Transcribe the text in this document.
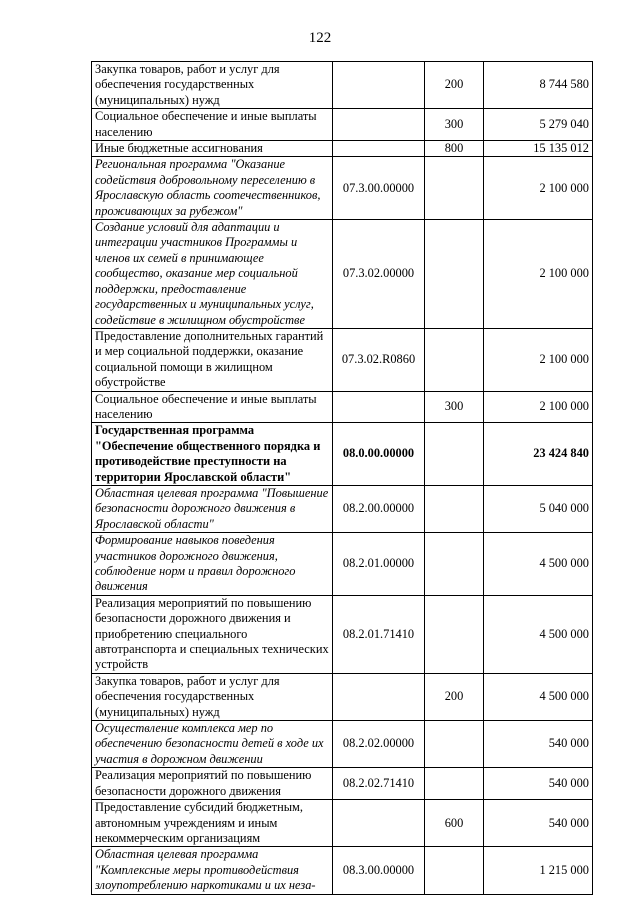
122
Закупка товаров, работ и услуг для обеспечения государственных (муниципальных) нужд		200	8 744 580
Социальное обеспечение и иные выплаты населению		300	5 279 040
Иные бюджетные ассигнования		800	15 135 012
Региональная программа "Оказание содействия добровольному переселению в Ярославскую область соотечественников, проживающих за рубежом"	07.3.00.00000		2 100 000
Создание условий для адаптации и интеграции участников Программы и членов их семей в принимающее сообщество, оказание мер социальной поддержки, предоставление государственных и муниципальных услуг, содействие в жилищном обустройстве	07.3.02.00000		2 100 000
Предоставление дополнительных гарантий и мер социальной поддержки, оказание социальной помощи в жилищном обустройстве	07.3.02.R0860		2 100 000
Социальное обеспечение и иные выплаты населению		300	2 100 000
Государственная программа "Обеспечение общественного порядка и противодействие преступности на территории Ярославской области"	08.0.00.00000		23 424 840
Областная целевая программа "Повышение безопасности дорожного движения в Ярославской области"	08.2.00.00000		5 040 000
Формирование навыков поведения участников дорожного движения, соблюдение норм и правил дорожного движения	08.2.01.00000		4 500 000
Реализация мероприятий по повышению безопасности дорожного движения и приобретению специального автотранспорта и специальных технических устройств	08.2.01.71410		4 500 000
Закупка товаров, работ и услуг для обеспечения государственных (муниципальных) нужд		200	4 500 000
Осуществление комплекса мер по обеспечению безопасности детей в ходе их участия в дорожном движении	08.2.02.00000		540 000
Реализация мероприятий по повышению безопасности дорожного движения	08.2.02.71410		540 000
Предоставление субсидий бюджетным, автономным учреждениям и иным некоммерческим организациям		600	540 000
Областная целевая программа "Комплексные меры противодействия злоупотреблению наркотиками и их неза-	08.3.00.00000		1 215 000
